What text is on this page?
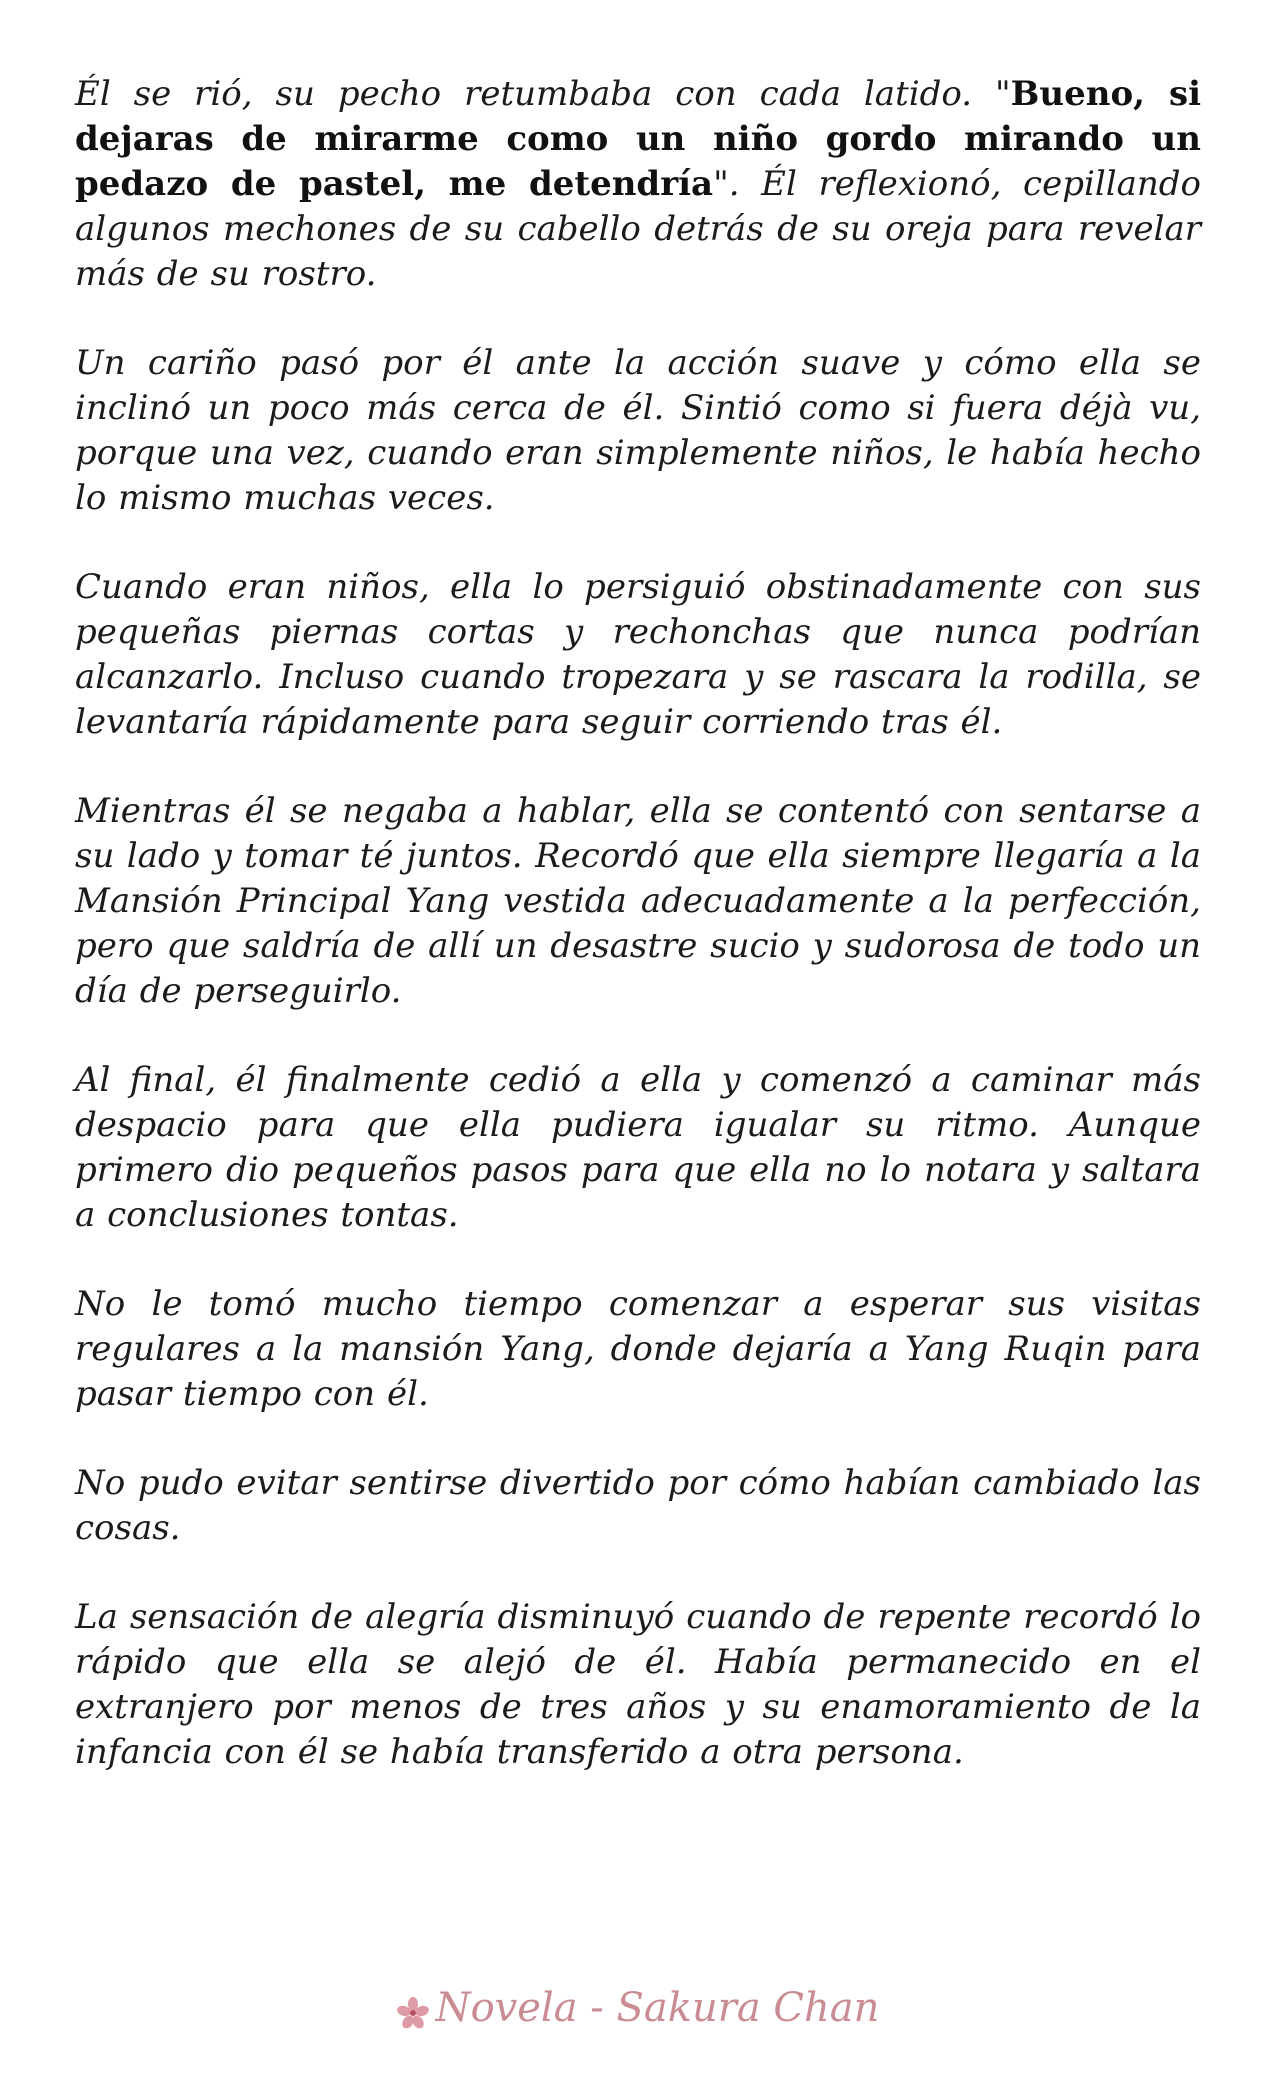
Él se rió, su pecho retumbaba con cada latido. "Bueno, si dejaras de mirarme como un niño gordo mirando un pedazo de pastel, me detendría". Él reflexionó, cepillando algunos mechones de su cabello detrás de su oreja para revelar más de su rostro.

Un cariño pasó por él ante la acción suave y cómo ella se inclinó un poco más cerca de él. Sintió como si fuera déjà vu, porque una vez, cuando eran simplemente niños, le había hecho lo mismo muchas veces.

Cuando eran niños, ella lo persiguió obstinadamente con sus pequeñas piernas cortas y rechonchas que nunca podrían alcanzarlo. Incluso cuando tropezara y se rascara la rodilla, se levantaría rápidamente para seguir corriendo tras él.

Mientras él se negaba a hablar, ella se contentó con sentarse a su lado y tomar té juntos. Recordó que ella siempre llegaría a la Mansión Principal Yang vestida adecuadamente a la perfección, pero que saldría de allí un desastre sucio y sudorosa de todo un día de perseguirlo.

Al final, él finalmente cedió a ella y comenzó a caminar más despacio para que ella pudiera igualar su ritmo. Aunque primero dio pequeños pasos para que ella no lo notara y saltara a conclusiones tontas.

No le tomó mucho tiempo comenzar a esperar sus visitas regulares a la mansión Yang, donde dejaría a Yang Ruqin para pasar tiempo con él.

No pudo evitar sentirse divertido por cómo habían cambiado las cosas.

La sensación de alegría disminuyó cuando de repente recordó lo rápido que ella se alejó de él. Había permanecido en el extranjero por menos de tres años y su enamoramiento de la infancia con él se había transferido a otra persona.

Novela - Sakura Chan
